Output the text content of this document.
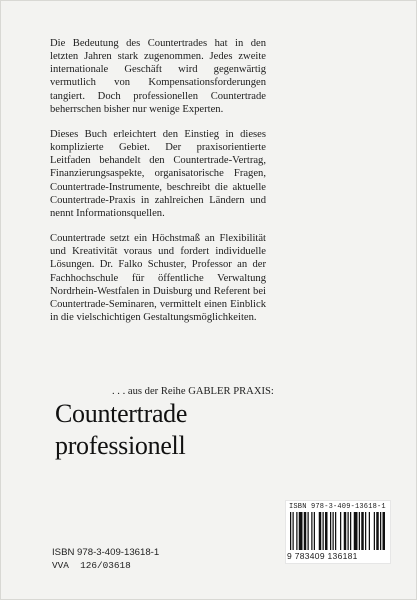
Die Bedeutung des Countertrades hat in den letzten Jahren stark zugenommen. Jedes zweite internationale Geschäft wird gegenwärtig vermutlich von Kompensationsforderungen tangiert. Doch professionellen Countertrade beherrschen bisher nur wenige Experten.

Dieses Buch erleichtert den Einstieg in dieses komplizierte Gebiet. Der praxisorientierte Leitfaden behandelt den Countertrade-Vertrag, Finanzierungsaspekte, organisatorische Fragen, Countertrade-Instrumente, beschreibt die aktuelle Countertrade-Praxis in zahlreichen Ländern und nennt Informationsquellen.

Countertrade setzt ein Höchstmaß an Flexibilität und Kreativität voraus und fordert individuelle Lösungen. Dr. Falko Schuster, Professor an der Fachhochschule für öffentliche Verwaltung Nordrhein-Westfalen in Duisburg und Referent bei Countertrade-Seminaren, vermittelt einen Einblick in die vielschichtigen Gestaltungsmöglichkeiten.

. . . aus der Reihe GABLER PRAXIS:
Countertrade
professionell
ISBN 978-3-409-13618-1
9 783409 136181
ISBN 978-3-409-13618-1
VVA  126/03618
